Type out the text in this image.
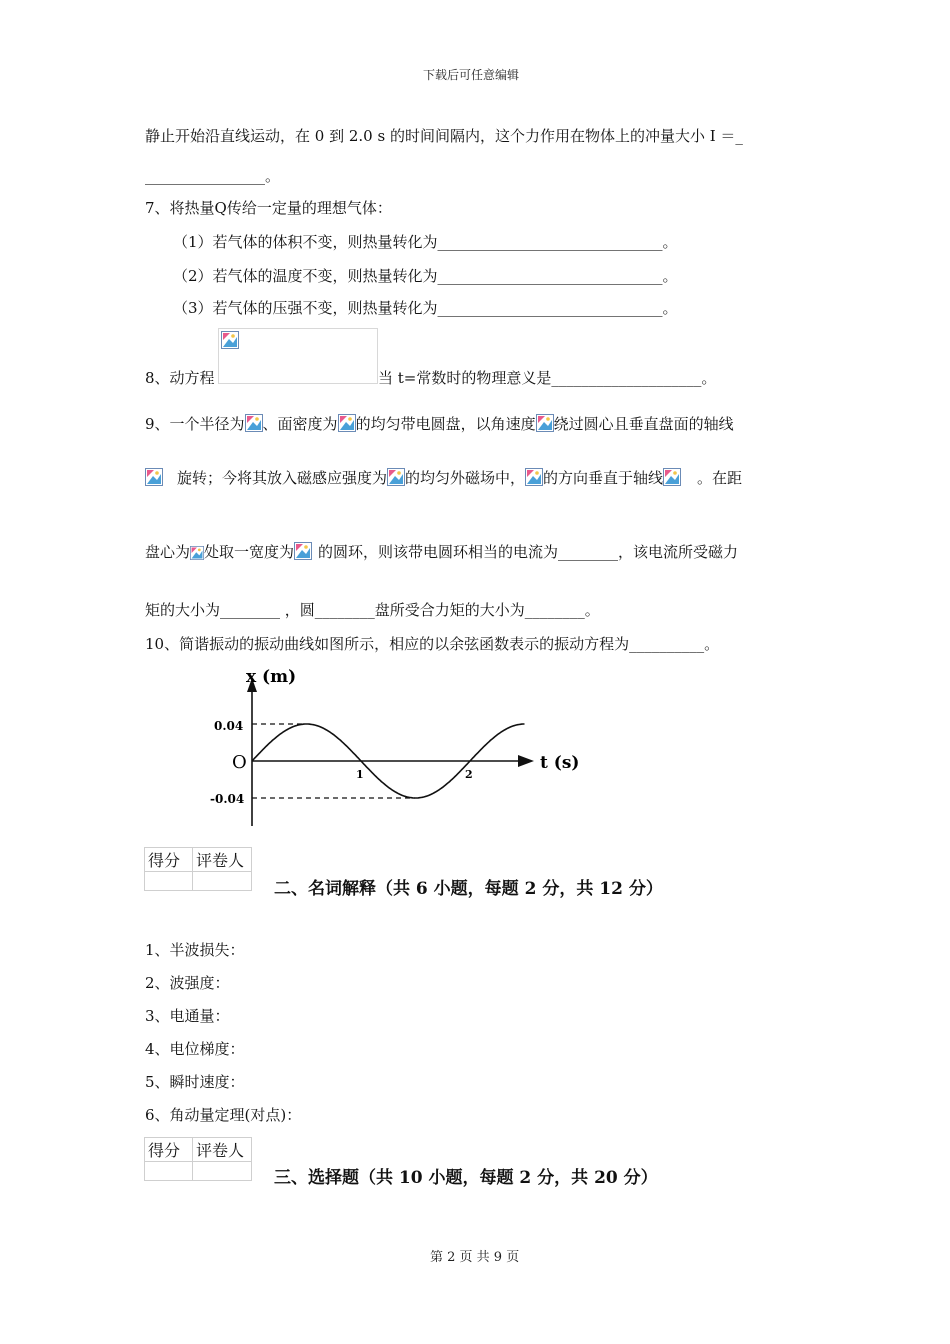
下载后可任意编辑
静止开始沿直线运动，在 0 到 2.0 s 的时间间隔内，这个力作用在物体上的冲量大小 I ＝_
________________。
7、将热量Q传给一定量的理想气体：
（1）若气体的体积不变，则热量转化为______________________________。
（2）若气体的温度不变，则热量转化为______________________________。
（3）若气体的压强不变，则热量转化为______________________________。
8、动方程	当 t=常数时的物理意义是____________________。
9、一个半径为 、面密度为 的均匀带电圆盘，以角速度 绕过圆心且垂直盘面的轴线
旋转；今将其放入磁感应强度为 的均匀外磁场中， 的方向垂直于轴线 。在距
盘心为 处取一宽度为 的圆环，则该带电圆环相当的电流为________，该电流所受磁力
矩的大小为________ ，圆________盘所受合力矩的大小为________。
10、简谐振动的振动曲线如图所示，相应的以余弦函数表示的振动方程为__________。
x (m)
t (s)
O
0.04
-0.04
1	2
得分	评卷人

二、名词解释（共 6 小题，每题 2 分，共 12 分）
1、半波损失：
2、波强度：
3、电通量：
4、电位梯度：
5、瞬时速度：
6、角动量定理(对点)：
得分	评卷人

三、选择题（共 10 小题，每题 2 分，共 20 分）
第 2 页 共 9 页
